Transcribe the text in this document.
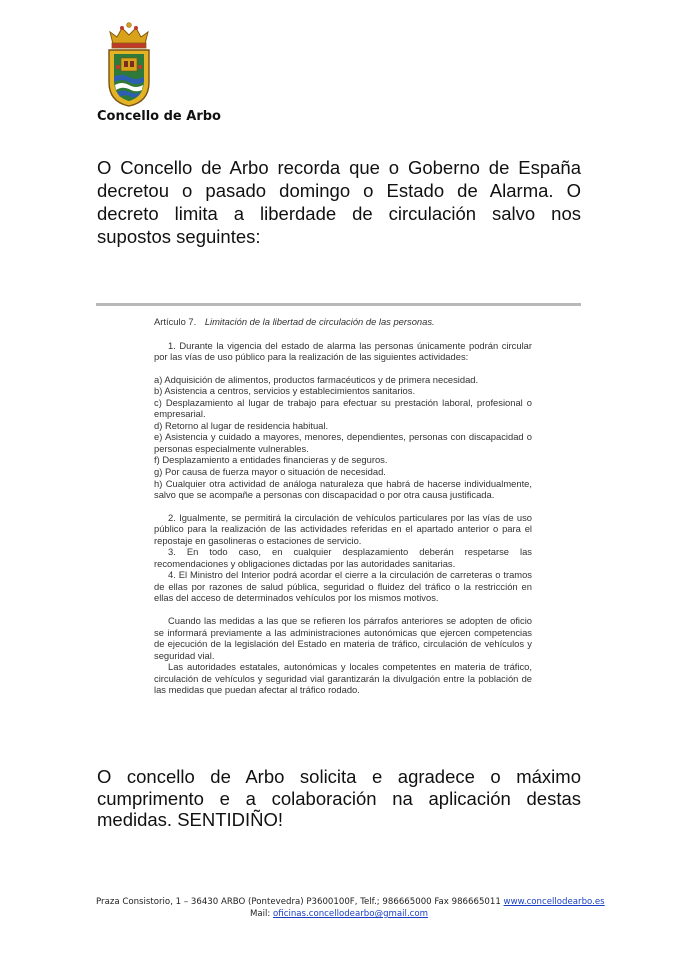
Concello de Arbo
O Concello de Arbo recorda que o Goberno de España decretou o pasado domingo o Estado de Alarma. O decreto limita a liberdade de circulación salvo nos supostos seguintes:

Artículo 7. Limitación de la libertad de circulación de las personas.

1. Durante la vigencia del estado de alarma las personas únicamente podrán circular por las vías de uso público para la realización de las siguientes actividades:

a) Adquisición de alimentos, productos farmacéuticos y de primera necesidad.

b) Asistencia a centros, servicios y establecimientos sanitarios.

c) Desplazamiento al lugar de trabajo para efectuar su prestación laboral, profesional o empresarial.

d) Retorno al lugar de residencia habitual.

e) Asistencia y cuidado a mayores, menores, dependientes, personas con discapacidad o personas especialmente vulnerables.

f) Desplazamiento a entidades financieras y de seguros.

g) Por causa de fuerza mayor o situación de necesidad.

h) Cualquier otra actividad de análoga naturaleza que habrá de hacerse individualmente, salvo que se acompañe a personas con discapacidad o por otra causa justificada.

2. Igualmente, se permitirá la circulación de vehículos particulares por las vías de uso público para la realización de las actividades referidas en el apartado anterior o para el repostaje en gasolineras o estaciones de servicio.

3. En todo caso, en cualquier desplazamiento deberán respetarse las recomendaciones y obligaciones dictadas por las autoridades sanitarias.

4. El Ministro del Interior podrá acordar el cierre a la circulación de carreteras o tramos de ellas por razones de salud pública, seguridad o fluidez del tráfico o la restricción en ellas del acceso de determinados vehículos por los mismos motivos.

Cuando las medidas a las que se refieren los párrafos anteriores se adopten de oficio se informará previamente a las administraciones autonómicas que ejercen competencias de ejecución de la legislación del Estado en materia de tráfico, circulación de vehículos y seguridad vial.

Las autoridades estatales, autonómicas y locales competentes en materia de tráfico, circulación de vehículos y seguridad vial garantizarán la divulgación entre la población de las medidas que puedan afectar al tráfico rodado.

O concello de Arbo solicita e agradece o máximo cumprimento e a colaboración na aplicación destas medidas. SENTIDIÑO!
Praza Consistorio, 1 – 36430 ARBO (Pontevedra) P3600100F, Telf.; 986665000 Fax 986665011 www.concellodearbo.es
Mail: oficinas.concellodearbo@gmail.com
